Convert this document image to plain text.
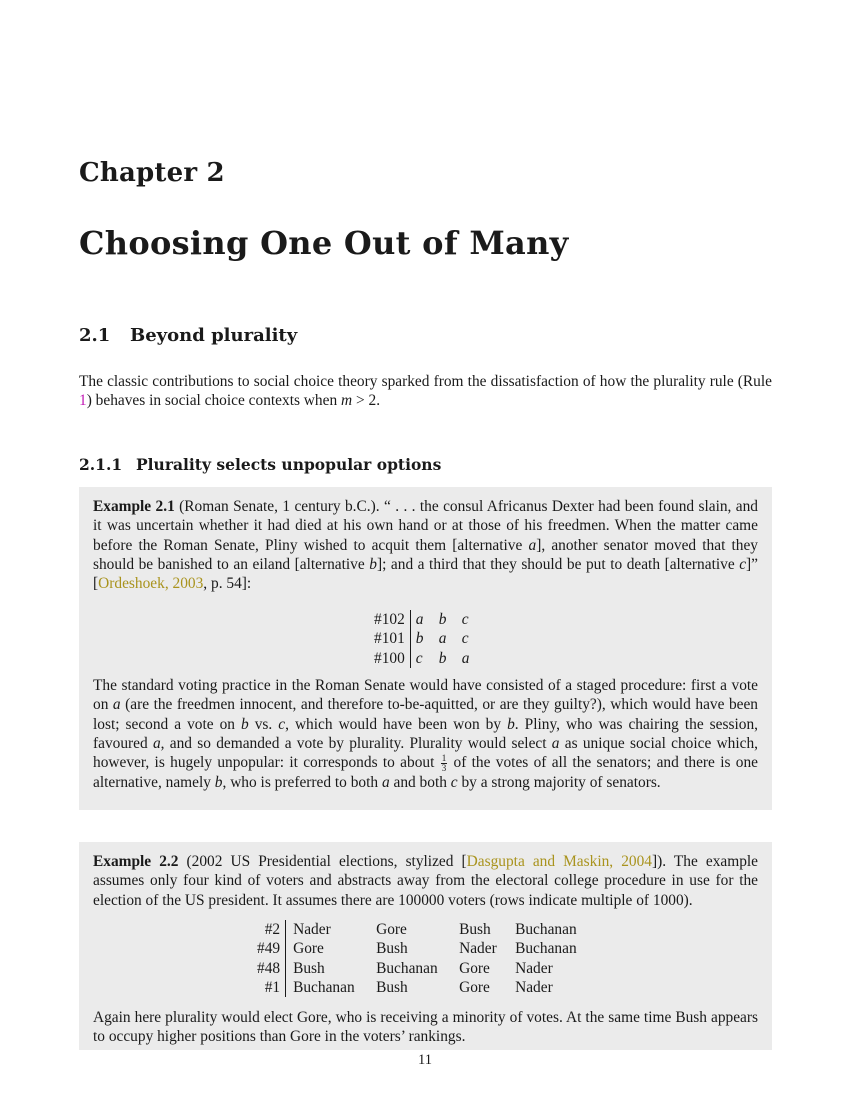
Chapter 2
Choosing One Out of Many
2.1 Beyond plurality

The classic contributions to social choice theory sparked from the dissatisfaction of how the plurality rule (Rule 1) behaves in social choice contexts when m > 2.

2.1.1 Plurality selects unpopular options

Example 2.1 (Roman Senate, 1 century b.C.). “ . . . the consul Africanus Dexter had been found slain, and it was uncertain whether it had died at his own hand or at those of his freedmen. When the matter came before the Roman Senate, Pliny wished to acquit them [alternative a], another senator moved that they should be banished to an eiland [alternative b]; and a third that they should be put to death [alternative c]” [Ordeshoek, 2003, p. 54]:

#102	a	b	c
#101	b	a	c
#100	c	b	a

The standard voting practice in the Roman Senate would have consisted of a staged procedure: first a vote on a (are the freedmen innocent, and therefore to-be-aquitted, or are they guilty?), which would have been lost; second a vote on b vs. c, which would have been won by b. Pliny, who was chairing the session, favoured a, and so demanded a vote by plurality. Plurality would select a as unique social choice which, however, is hugely unpopular: it corresponds to about $\frac{1}{3}$ of the votes of all the senators; and there is one alternative, namely b, who is preferred to both a and both c by a strong majority of senators.

Example 2.2 (2002 US Presidential elections, stylized [Dasgupta and Maskin, 2004]). The example assumes only four kind of voters and abstracts away from the electoral college procedure in use for the election of the US president. It assumes there are 100000 voters (rows indicate multiple of 1000).

#2	Nader	Gore	Bush	Buchanan
#49	Gore	Bush	Nader	Buchanan
#48	Bush	Buchanan	Gore	Nader
#1	Buchanan	Bush	Gore	Nader

Again here plurality would elect Gore, who is receiving a minority of votes. At the same time Bush appears to occupy higher positions than Gore in the voters’ rankings.

11
